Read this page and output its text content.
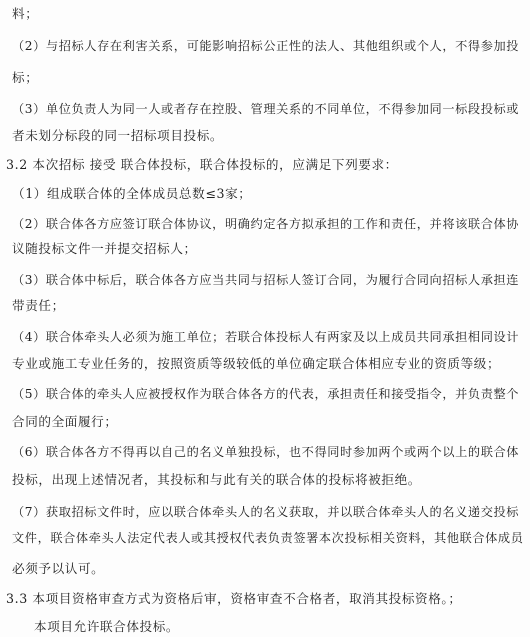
料；
（2）与招标人存在利害关系，可能影响招标公正性的法人、其他组织或个人，不得参加投
标；
（3）单位负责人为同一人或者存在控股、管理关系的不同单位，不得参加同一标段投标或
者未划分标段的同一招标项目投标。
3.2 本次招标 接受 联合体投标，联合体投标的，应满足下列要求：
（1）组成联合体的全体成员总数≤3家；
（2）联合体各方应签订联合体协议，明确约定各方拟承担的工作和责任，并将该联合体协
议随投标文件一并提交招标人；
（3）联合体中标后，联合体各方应当共同与招标人签订合同，为履行合同向招标人承担连
带责任；
（4）联合体牵头人必须为施工单位；若联合体投标人有两家及以上成员共同承担相同设计
专业或施工专业任务的，按照资质等级较低的单位确定联合体相应专业的资质等级；
（5）联合体的牵头人应被授权作为联合体各方的代表，承担责任和接受指令，并负责整个
合同的全面履行；
（6）联合体各方不得再以自己的名义单独投标，也不得同时参加两个或两个以上的联合体
投标，出现上述情况者，其投标和与此有关的联合体的投标将被拒绝。
（7）获取招标文件时，应以联合体牵头人的名义获取，并以联合体牵头人的名义递交投标
文件，联合体牵头人法定代表人或其授权代表负责签署本次投标相关资料，其他联合体成员
必须予以认可。
3.3 本项目资格审查方式为资格后审，资格审查不合格者，取消其投标资格。；
本项目允许联合体投标。
